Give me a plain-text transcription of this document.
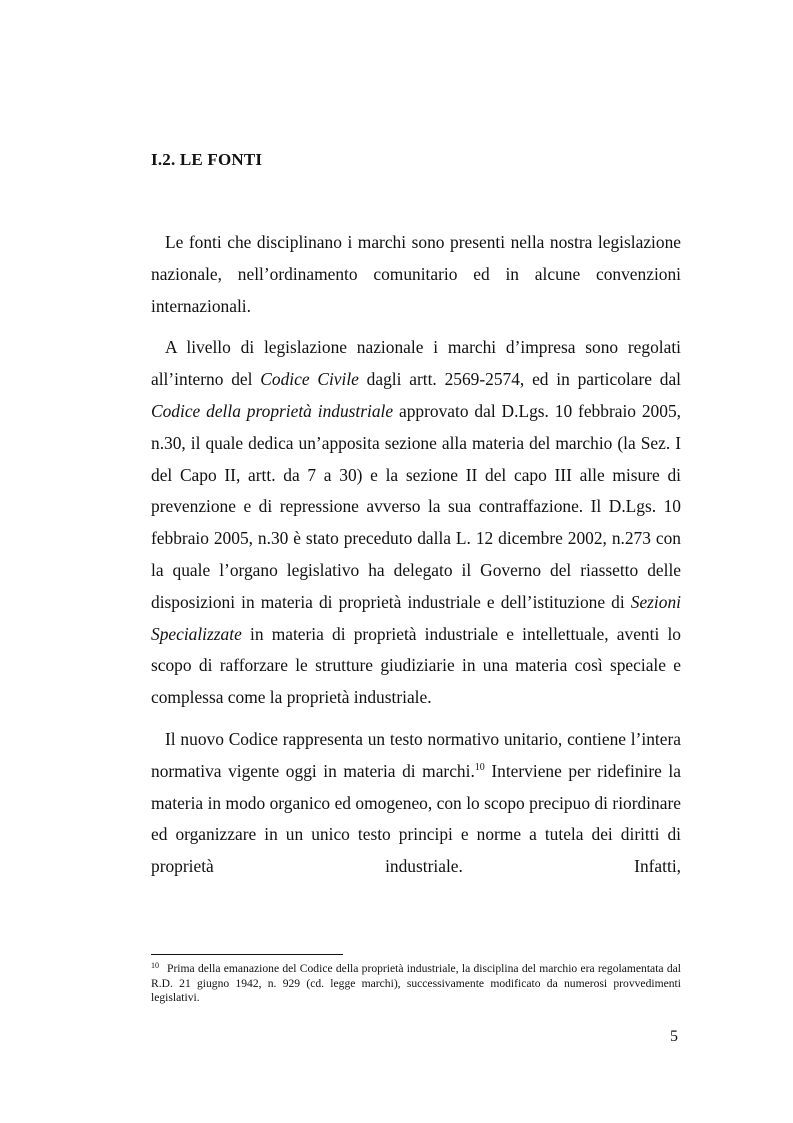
I.2. LE FONTI

Le fonti che disciplinano i marchi sono presenti nella nostra legislazione nazionale, nell’ordinamento comunitario ed in alcune convenzioni internazionali.

A livello di legislazione nazionale i marchi d’impresa sono regolati all’interno del Codice Civile dagli artt. 2569-2574, ed in particolare dal Codice della proprietà industriale approvato dal D.Lgs. 10 febbraio 2005, n.30, il quale dedica un’apposita sezione alla materia del marchio (la Sez. I del Capo II, artt. da 7 a 30) e la sezione II del capo III alle misure di prevenzione e di repressione avverso la sua contraffazione. Il D.Lgs. 10 febbraio 2005, n.30 è stato preceduto dalla L. 12 dicembre 2002, n.273 con la quale l’organo legislativo ha delegato il Governo del riassetto delle disposizioni in materia di proprietà industriale e dell’istituzione di Sezioni Specializzate in materia di proprietà industriale e intellettuale, aventi lo scopo di rafforzare le strutture giudiziarie in una materia così speciale e complessa come la proprietà industriale.

Il nuovo Codice rappresenta un testo normativo unitario, contiene l’intera normativa vigente oggi in materia di marchi.$^{10}$ Interviene per ridefinire la materia in modo organico ed omogeneo, con lo scopo precipuo di riordinare ed organizzare in un unico testo principi e norme a tutela dei diritti di proprietà industriale. Infatti,

$^{10}$ Prima della emanazione del Codice della proprietà industriale, la disciplina del marchio era regolamentata dal R.D. 21 giugno 1942, n. 929 (cd. legge marchi), successivamente modificato da numerosi provvedimenti legislativi.

5
